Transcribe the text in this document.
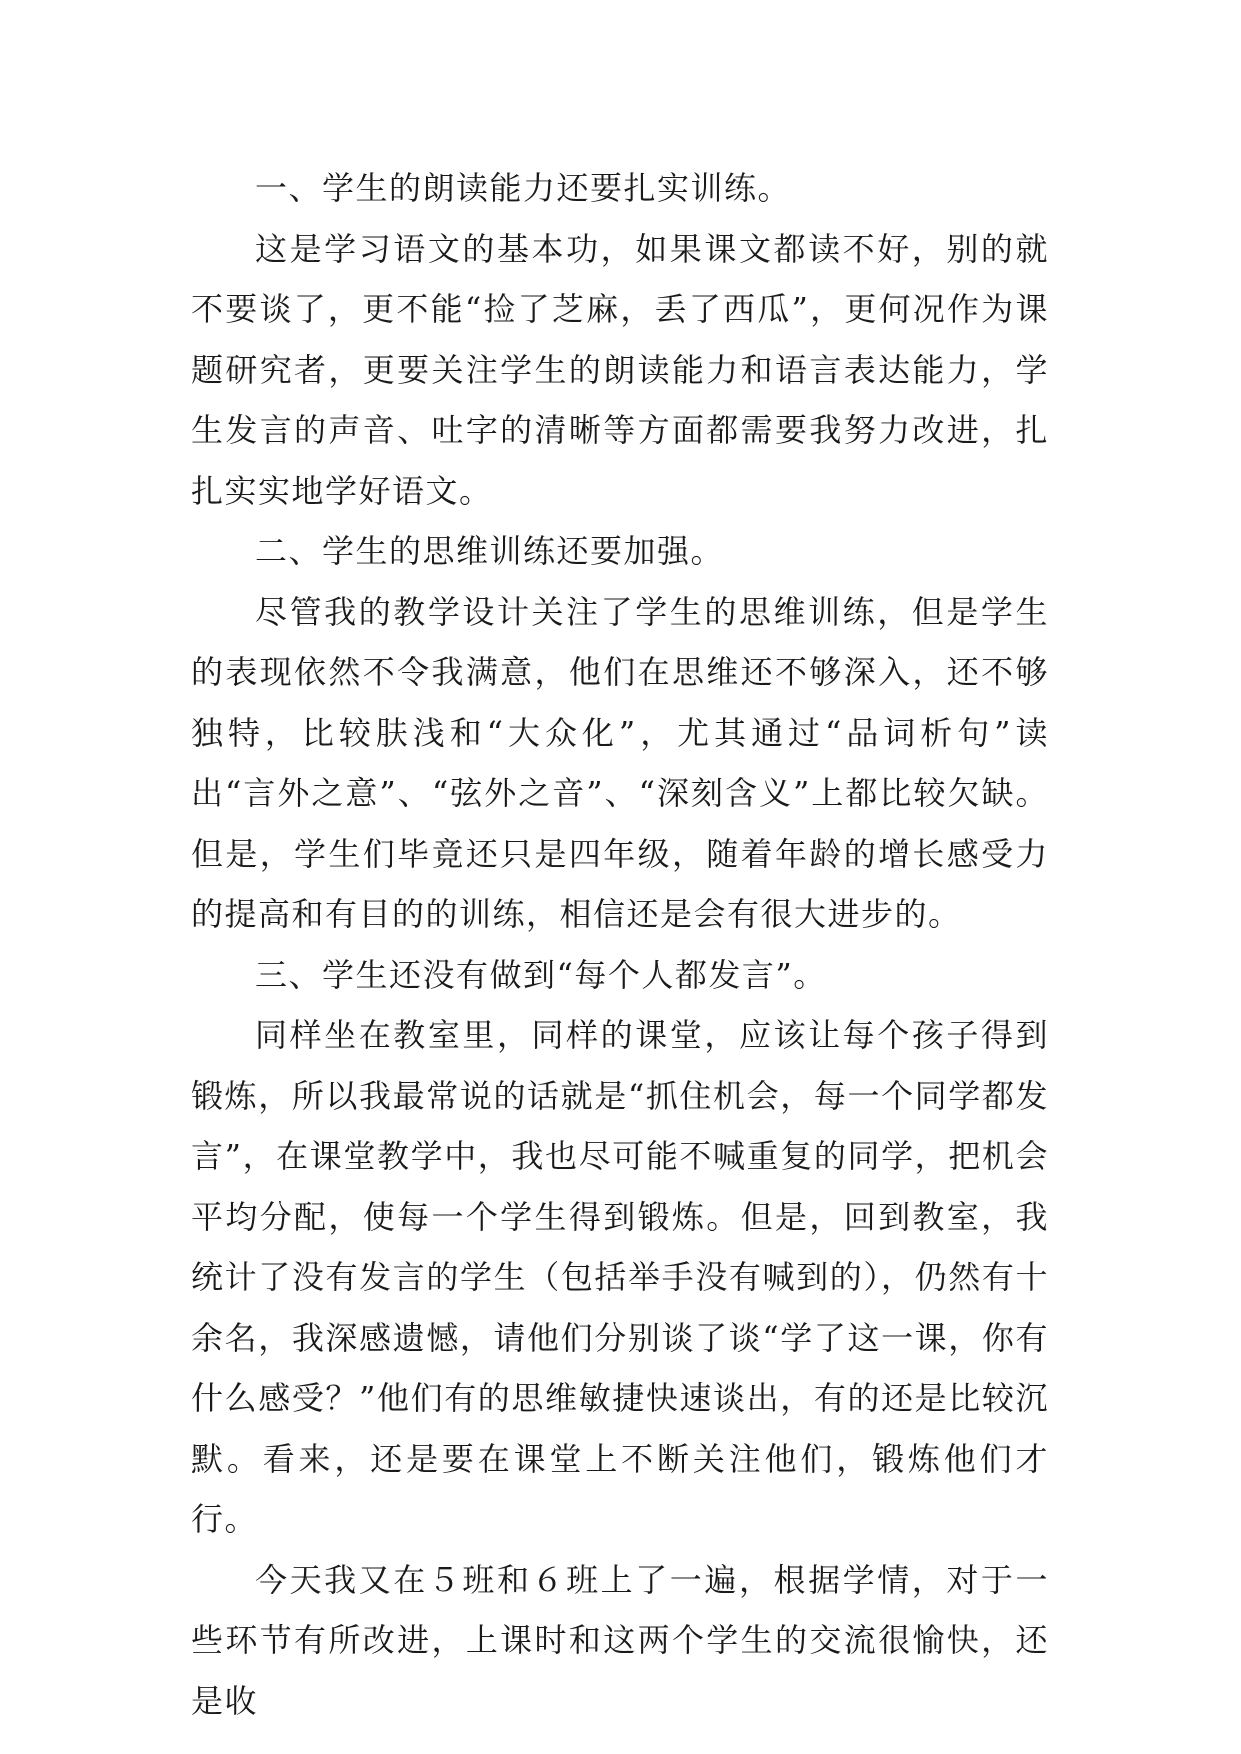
一、学生的朗读能力还要扎实训练。

这是学习语文的基本功，如果课文都读不好，别的就不要谈了，更不能“捡了芝麻，丢了西瓜”，更何况作为课题研究者，更要关注学生的朗读能力和语言表达能力，学生发言的声音、吐字的清晰等方面都需要我努力改进，扎扎实实地学好语文。

二、学生的思维训练还要加强。

尽管我的教学设计关注了学生的思维训练，但是学生的表现依然不令我满意，他们在思维还不够深入，还不够独特，比较肤浅和“大众化”，尤其通过“品词析句”读出“言外之意”、“弦外之音”、“深刻含义”上都比较欠缺。但是，学生们毕竟还只是四年级，随着年龄的增长感受力的提高和有目的的训练，相信还是会有很大进步的。

三、学生还没有做到“每个人都发言”。

同样坐在教室里，同样的课堂，应该让每个孩子得到锻炼，所以我最常说的话就是“抓住机会，每一个同学都发言”，在课堂教学中，我也尽可能不喊重复的同学，把机会平均分配，使每一个学生得到锻炼。但是，回到教室，我统计了没有发言的学生（包括举手没有喊到的），仍然有十余名，我深感遗憾，请他们分别谈了谈“学了这一课，你有什么感受？”他们有的思维敏捷快速谈出，有的还是比较沉默。看来，还是要在课堂上不断关注他们，锻炼他们才行。

今天我又在５班和６班上了一遍，根据学情，对于一些环节有所改进，上课时和这两个学生的交流很愉快，还是收
